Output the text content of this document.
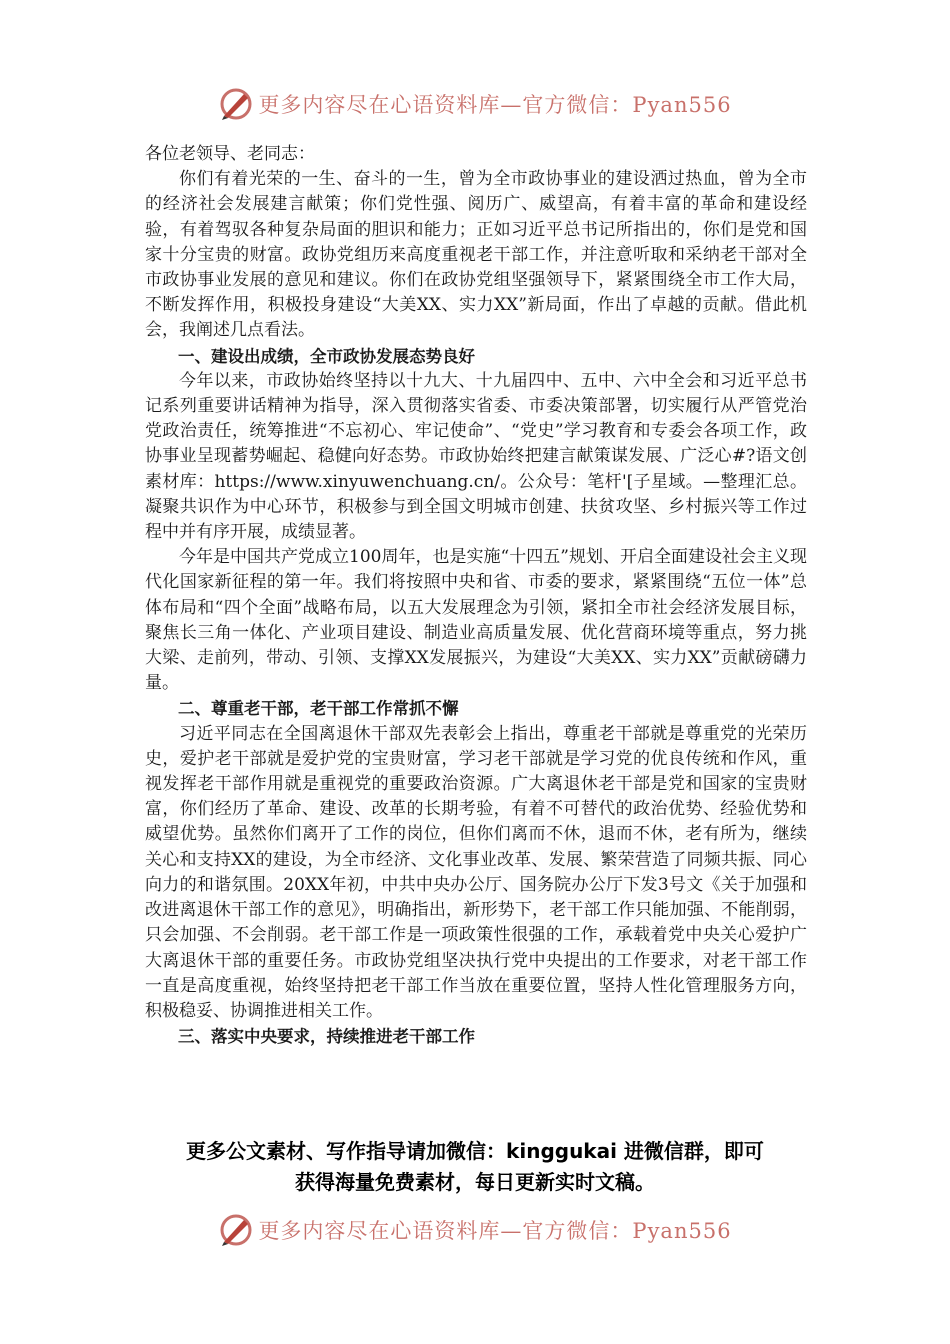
更多内容尽在心语资料库—官方微信：Pyan556

各位老领导、老同志：

你们有着光荣的一生、奋斗的一生，曾为全市政协事业的建设洒过热血，曾为全市的经济社会发展建言献策；你们党性强、阅历广、威望高，有着丰富的革命和建设经验，有着驾驭各种复杂局面的胆识和能力；正如习近平总书记所指出的，你们是党和国家十分宝贵的财富。政协党组历来高度重视老干部工作，并注意听取和采纳老干部对全市政协事业发展的意见和建议。你们在政协党组坚强领导下，紧紧围绕全市工作大局，不断发挥作用，积极投身建设“大美XX、实力XX”新局面，作出了卓越的贡献。借此机会，我阐述几点看法。

一、建设出成绩，全市政协发展态势良好

今年以来，市政协始终坚持以十九大、十九届四中、五中、六中全会和习近平总书记系列重要讲话精神为指导，深入贯彻落实省委、市委决策部署，切实履行从严管党治党政治责任，统筹推进“不忘初心、牢记使命”、“党史”学习教育和专委会各项工作，政协事业呈现蓄势崛起、稳健向好态势。市政协始终把建言献策谋发展、广泛心#?语文创素材库：https://www.xinyuwenchuang.cn/。公众号：笔杆'[子星域。—整理汇总。凝聚共识作为中心环节，积极参与到全国文明城市创建、扶贫攻坚、乡村振兴等工作过程中并有序开展，成绩显著。

今年是中国共产党成立100周年，也是实施“十四五”规划、开启全面建设社会主义现代化国家新征程的第一年。我们将按照中央和省、市委的要求，紧紧围绕“五位一体”总体布局和“四个全面”战略布局，以五大发展理念为引领，紧扣全市社会经济发展目标，聚焦长三角一体化、产业项目建设、制造业高质量发展、优化营商环境等重点，努力挑大梁、走前列，带动、引领、支撑XX发展振兴，为建设“大美XX、实力XX”贡献磅礴力量。

二、尊重老干部，老干部工作常抓不懈

习近平同志在全国离退休干部双先表彰会上指出，尊重老干部就是尊重党的光荣历史，爱护老干部就是爱护党的宝贵财富，学习老干部就是学习党的优良传统和作风，重视发挥老干部作用就是重视党的重要政治资源。广大离退休老干部是党和国家的宝贵财富，你们经历了革命、建设、改革的长期考验，有着不可替代的政治优势、经验优势和威望优势。虽然你们离开了工作的岗位，但你们离而不休，退而不休，老有所为，继续关心和支持XX的建设，为全市经济、文化事业改革、发展、繁荣营造了同频共振、同心向力的和谐氛围。20XX年初，中共中央办公厅、国务院办公厅下发3号文《关于加强和改进离退休干部工作的意见》，明确指出，新形势下，老干部工作只能加强、不能削弱，只会加强、不会削弱。老干部工作是一项政策性很强的工作，承载着党中央关心爱护广大离退休干部的重要任务。市政协党组坚决执行党中央提出的工作要求，对老干部工作一直是高度重视，始终坚持把老干部工作当放在重要位置，坚持人性化管理服务方向，积极稳妥、协调推进相关工作。

三、落实中央要求，持续推进老干部工作

更多公文素材、写作指导请加微信：kinggukai 进微信群，即可
获得海量免费素材，每日更新实时文稿。
更多内容尽在心语资料库—官方微信：Pyan556
